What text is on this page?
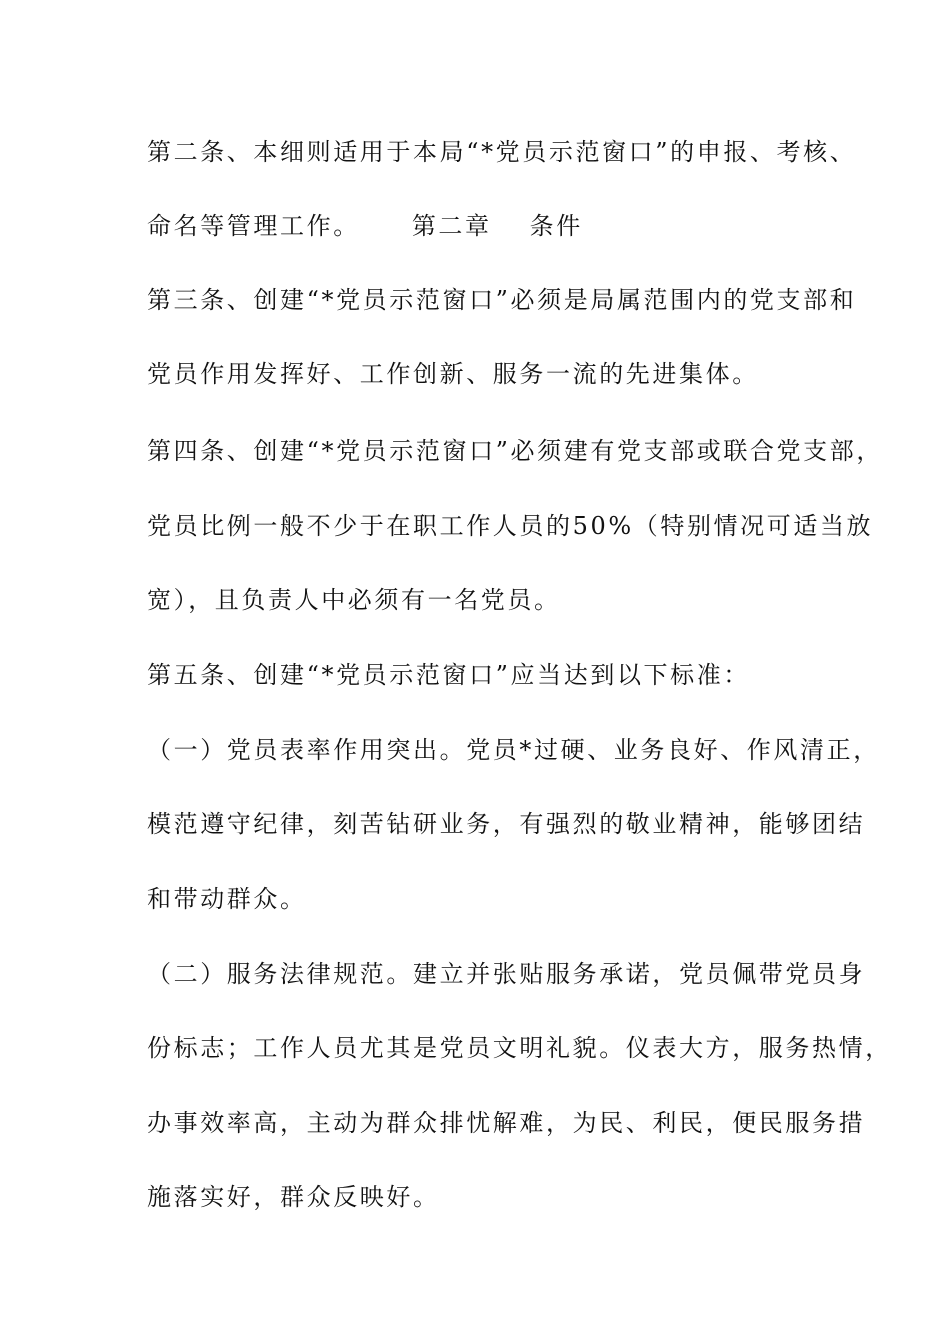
第二条、本细则适用于本局“*党员示范窗口”的申报、考核、
命名等管理工作。 第二章 条件
第三条、创建“*党员示范窗口”必须是局属范围内的党支部和
党员作用发挥好、工作创新、服务一流的先进集体。
第四条、创建“*党员示范窗口”必须建有党支部或联合党支部，
党员比例一般不少于在职工作人员的50%（特别情况可适当放
宽），且负责人中必须有一名党员。
第五条、创建“*党员示范窗口”应当达到以下标准：
（一）党员表率作用突出。党员*过硬、业务良好、作风清正，
模范遵守纪律，刻苦钻研业务，有强烈的敬业精神，能够团结
和带动群众。
（二）服务法律规范。建立并张贴服务承诺，党员佩带党员身
份标志；工作人员尤其是党员文明礼貌。仪表大方，服务热情，
办事效率高，主动为群众排忧解难，为民、利民，便民服务措
施落实好，群众反映好。
